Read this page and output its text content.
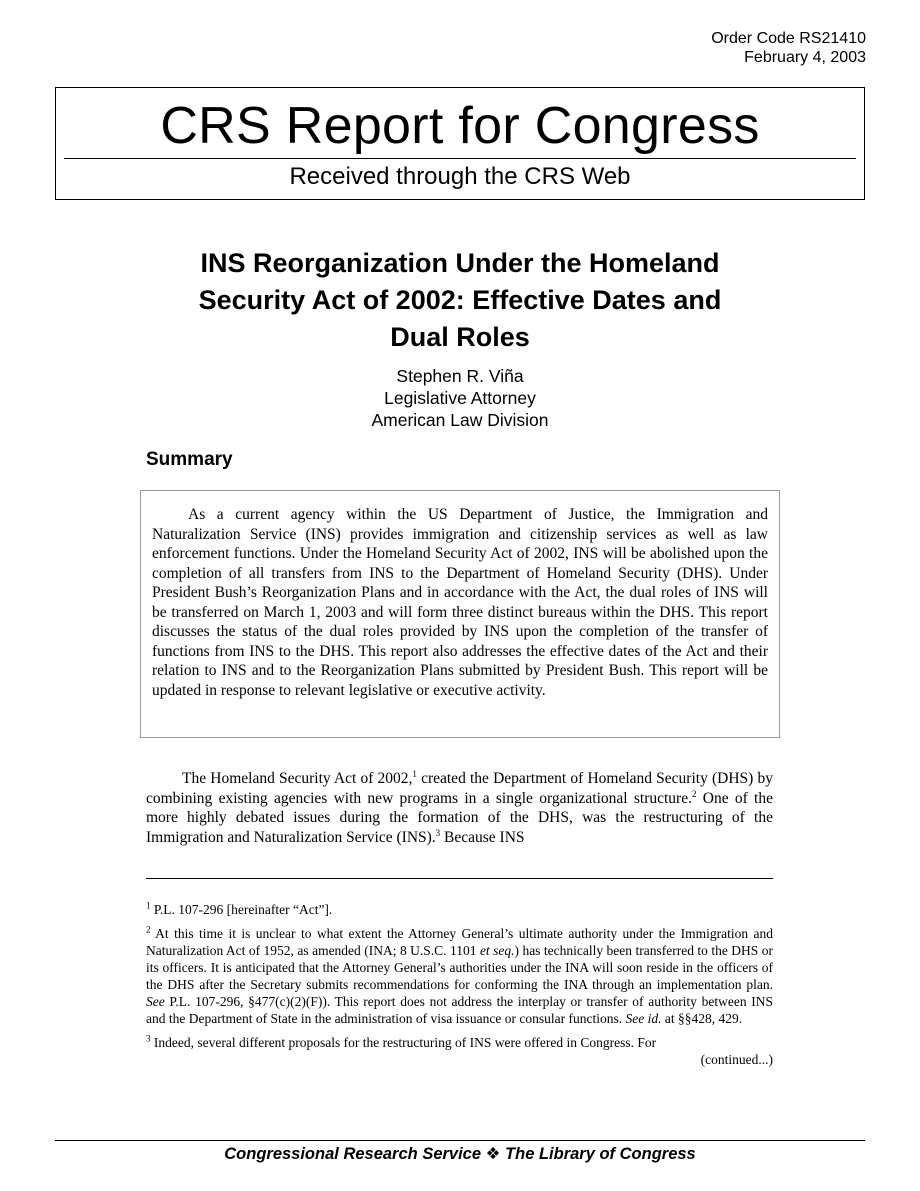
Order Code RS21410
February 4, 2003
CRS Report for Congress
Received through the CRS Web
INS Reorganization Under the Homeland
Security Act of 2002: Effective Dates and
Dual Roles
Stephen R. Viña
Legislative Attorney
American Law Division
Summary

As a current agency within the US Department of Justice, the Immigration and Naturalization Service (INS) provides immigration and citizenship services as well as law enforcement functions. Under the Homeland Security Act of 2002, INS will be abolished upon the completion of all transfers from INS to the Department of Homeland Security (DHS). Under President Bush’s Reorganization Plans and in accordance with the Act, the dual roles of INS will be transferred on March 1, 2003 and will form three distinct bureaus within the DHS. This report discusses the status of the dual roles provided by INS upon the completion of the transfer of functions from INS to the DHS. This report also addresses the effective dates of the Act and their relation to INS and to the Reorganization Plans submitted by President Bush. This report will be updated in response to relevant legislative or executive activity.

The Homeland Security Act of 2002,$^1$ created the Department of Homeland Security (DHS) by combining existing agencies with new programs in a single organizational structure.$^2$ One of the more highly debated issues during the formation of the DHS, was the restructuring of the Immigration and Naturalization Service (INS).$^3$ Because INS

$^1$ P.L. 107-296 [hereinafter “Act”].

$^2$ At this time it is unclear to what extent the Attorney General’s ultimate authority under the Immigration and Naturalization Act of 1952, as amended (INA; 8 U.S.C. 1101 et seq.) has technically been transferred to the DHS or its officers. It is anticipated that the Attorney General’s authorities under the INA will soon reside in the officers of the DHS after the Secretary submits recommendations for conforming the INA through an implementation plan. See P.L. 107-296, §477(c)(2)(F)). This report does not address the interplay or transfer of authority between INS and the Department of State in the administration of visa issuance or consular functions. See id. at §§428, 429.

$^3$ Indeed, several different proposals for the restructuring of INS were offered in Congress. For

(continued...)

Congressional Research Service ❖ The Library of Congress
